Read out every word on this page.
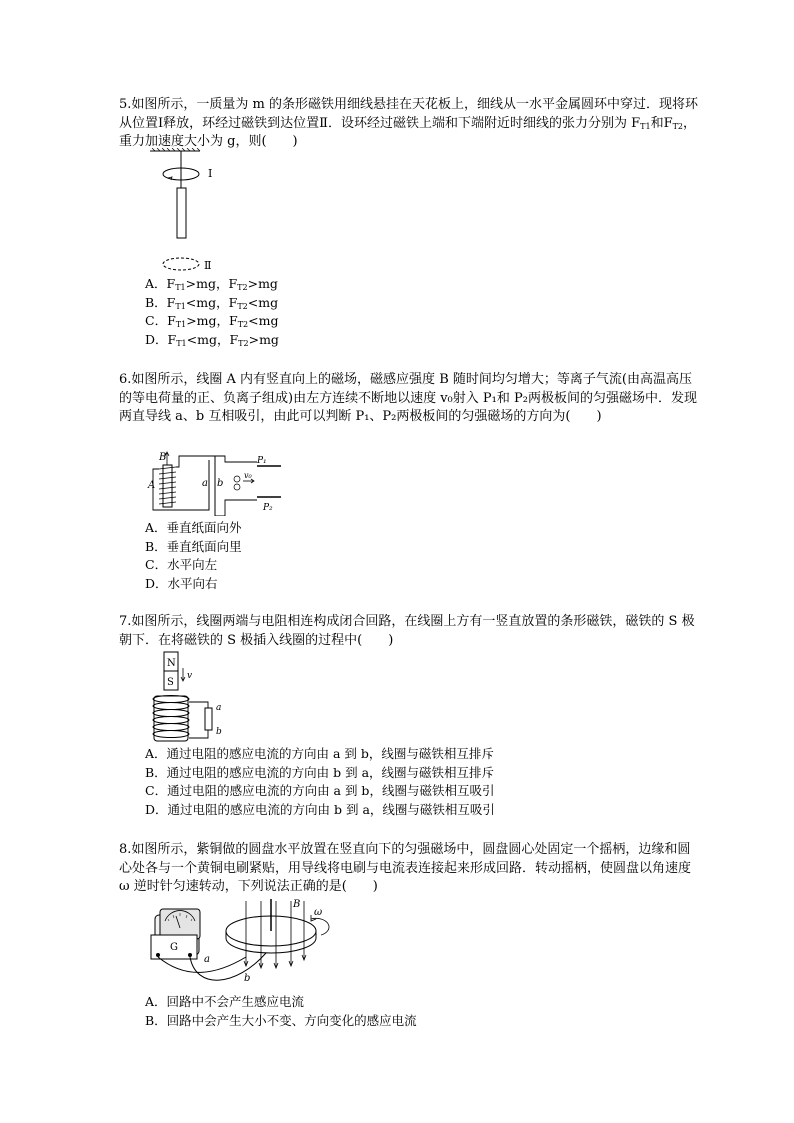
5.如图所示，一质量为 m 的条形磁铁用细线悬挂在天花板上，细线从一水平金属圆环中穿过．现将环从位置Ⅰ释放，环经过磁铁到达位置Ⅱ．设环经过磁铁上端和下端附近时细线的张力分别为 $F_{T1}$和$F_{T2}$，重力加速度大小为 g，则(　　)

Ⅰ
Ⅱ
A．$F_{T1}>mg$，$F_{T2}>mg$
B．$F_{T1}<mg$，$F_{T2}<mg$
C．$F_{T1}>mg$，$F_{T2}<mg$
D．$F_{T1}<mg$，$F_{T2}>mg$

6.如图所示，线圈 A 内有竖直向上的磁场，磁感应强度 B 随时间均匀增大；等离子气流(由高温高压的等电荷量的正、负离子组成)由左方连续不断地以速度 v₀射入 P₁和 P₂两极板间的匀强磁场中．发现两直导线 a、b 互相吸引，由此可以判断 P₁、P₂两极板间的匀强磁场的方向为(　　)

B
A	a b
P₁
P₂
v₀
A．垂直纸面向外
B．垂直纸面向里
C．水平向左
D．水平向右

7.如图所示，线圈两端与电阻相连构成闭合回路，在线圈上方有一竖直放置的条形磁铁，磁铁的 S 极朝下．在将磁铁的 S 极插入线圈的过程中(　　)

N
S
v
a
b
A．通过电阻的感应电流的方向由 a 到 b，线圈与磁铁相互排斥
B．通过电阻的感应电流的方向由 b 到 a，线圈与磁铁相互排斥
C．通过电阻的感应电流的方向由 a 到 b，线圈与磁铁相互吸引
D．通过电阻的感应电流的方向由 b 到 a，线圈与磁铁相互吸引

8.如图所示，紫铜做的圆盘水平放置在竖直向下的匀强磁场中，圆盘圆心处固定一个摇柄，边缘和圆心处各与一个黄铜电刷紧贴，用导线将电刷与电流表连接起来形成回路．转动摇柄，使圆盘以角速度 ω 逆时针匀速转动，下列说法正确的是(　　)

G
a
b
B
ω
A．回路中不会产生感应电流
B．回路中会产生大小不变、方向变化的感应电流
